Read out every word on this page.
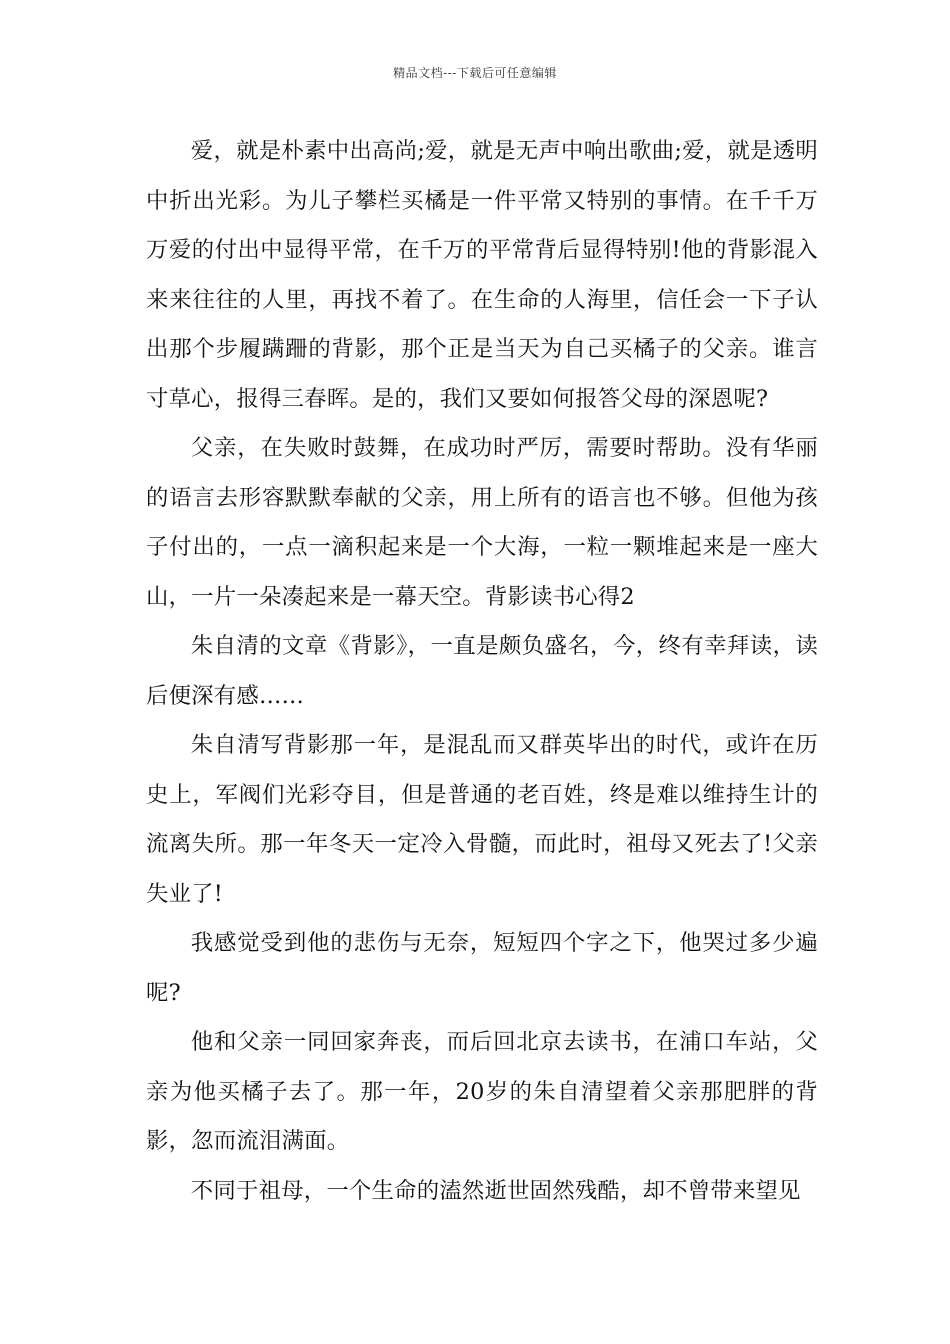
精品文档---下载后可任意编辑

爱，就是朴素中出高尚;爱，就是无声中响出歌曲;爱，就是透明中折出光彩。为儿子攀栏买橘是一件平常又特别的事情。在千千万万爱的付出中显得平常，在千万的平常背后显得特别!他的背影混入来来往往的人里，再找不着了。在生命的人海里，信任会一下子认出那个步履蹒跚的背影，那个正是当天为自己买橘子的父亲。谁言寸草心，报得三春晖。是的，我们又要如何报答父母的深恩呢?

父亲，在失败时鼓舞，在成功时严厉，需要时帮助。没有华丽的语言去形容默默奉献的父亲，用上所有的语言也不够。但他为孩子付出的，一点一滴积起来是一个大海，一粒一颗堆起来是一座大山，一片一朵凑起来是一幕天空。背影读书心得2

朱自清的文章《背影》，一直是颇负盛名，今，终有幸拜读，读后便深有感……

朱自清写背影那一年，是混乱而又群英毕出的时代，或许在历史上，军阀们光彩夺目，但是普通的老百姓，终是难以维持生计的流离失所。那一年冬天一定冷入骨髓，而此时，祖母又死去了!父亲失业了!

我感觉受到他的悲伤与无奈，短短四个字之下，他哭过多少遍呢?

他和父亲一同回家奔丧，而后回北京去读书，在浦口车站，父亲为他买橘子去了。那一年，20岁的朱自清望着父亲那肥胖的背影，忽而流泪满面。

不同于祖母，一个生命的溘然逝世固然残酷，却不曾带来望见
